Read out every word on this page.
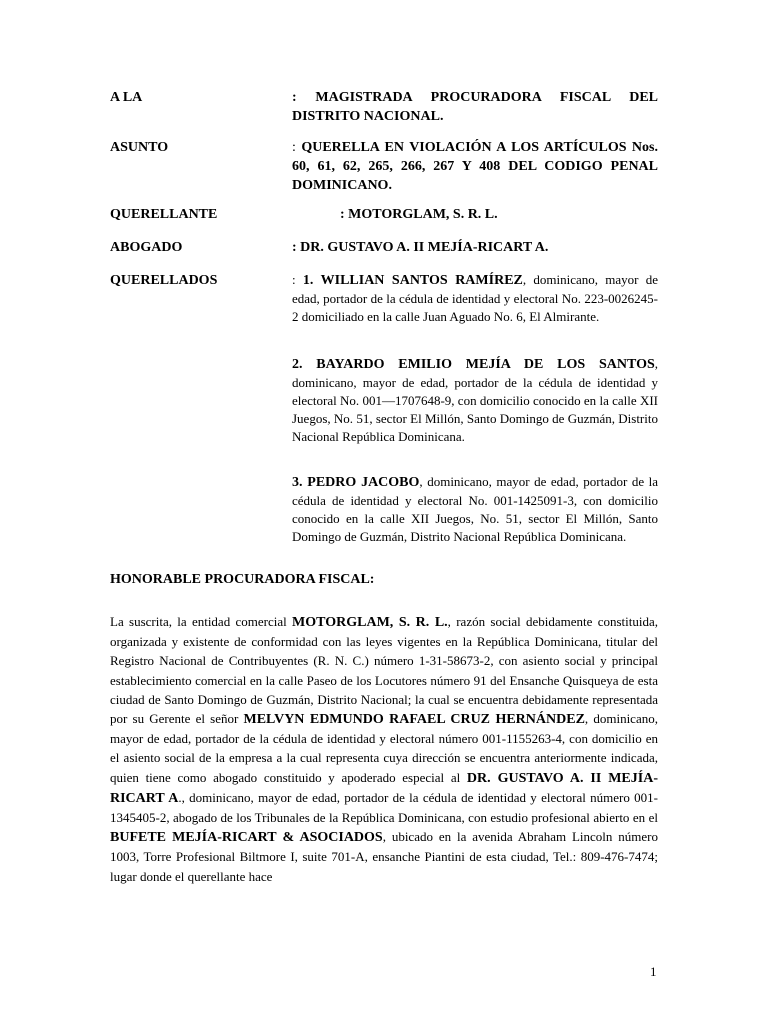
A LA	: MAGISTRADA PROCURADORA FISCAL DEL DISTRITO NACIONAL.
ASUNTO	: QUERELLA EN VIOLACIÓN A LOS ARTÍCULOS Nos. 60, 61, 62, 265, 266, 267 Y 408 DEL CODIGO PENAL DOMINICANO.
QUERELLANTE	: MOTORGLAM, S. R. L.
ABOGADO	: DR. GUSTAVO A. II MEJÍA-RICART A.
QUERELLADOS	: 1. WILLIAN SANTOS RAMÍREZ, dominicano, mayor de edad, portador de la cédula de identidad y electoral No. 223-0026245-2 domiciliado en la calle Juan Aguado No. 6, El Almirante.
2. BAYARDO EMILIO MEJÍA DE LOS SANTOS, dominicano, mayor de edad, portador de la cédula de identidad y electoral No. 001—1707648-9, con domicilio conocido en la calle XII Juegos, No. 51, sector El Millón, Santo Domingo de Guzmán, Distrito Nacional República Dominicana.
3. PEDRO JACOBO, dominicano, mayor de edad, portador de la cédula de identidad y electoral No. 001-1425091-3, con domicilio conocido en la calle XII Juegos, No. 51, sector El Millón, Santo Domingo de Guzmán, Distrito Nacional República Dominicana.
HONORABLE PROCURADORA FISCAL:
La suscrita, la entidad comercial MOTORGLAM, S. R. L., razón social debidamente constituida, organizada y existente de conformidad con las leyes vigentes en la República Dominicana, titular del Registro Nacional de Contribuyentes (R. N. C.) número 1-31-58673-2, con asiento social y principal establecimiento comercial en la calle Paseo de los Locutores número 91 del Ensanche Quisqueya de esta ciudad de Santo Domingo de Guzmán, Distrito Nacional; la cual se encuentra debidamente representada por su Gerente el señor MELVYN EDMUNDO RAFAEL CRUZ HERNÁNDEZ, dominicano, mayor de edad, portador de la cédula de identidad y electoral número 001-1155263-4, con domicilio en el asiento social de la empresa a la cual representa cuya dirección se encuentra anteriormente indicada, quien tiene como abogado constituido y apoderado especial al DR. GUSTAVO A. II MEJÍA-RICART A., dominicano, mayor de edad, portador de la cédula de identidad y electoral número 001-1345405-2, abogado de los Tribunales de la República Dominicana, con estudio profesional abierto en el BUFETE MEJÍA-RICART & ASOCIADOS, ubicado en la avenida Abraham Lincoln número 1003, Torre Profesional Biltmore I, suite 701-A, ensanche Piantini de esta ciudad, Tel.: 809-476-7474; lugar donde el querellante hace
1
